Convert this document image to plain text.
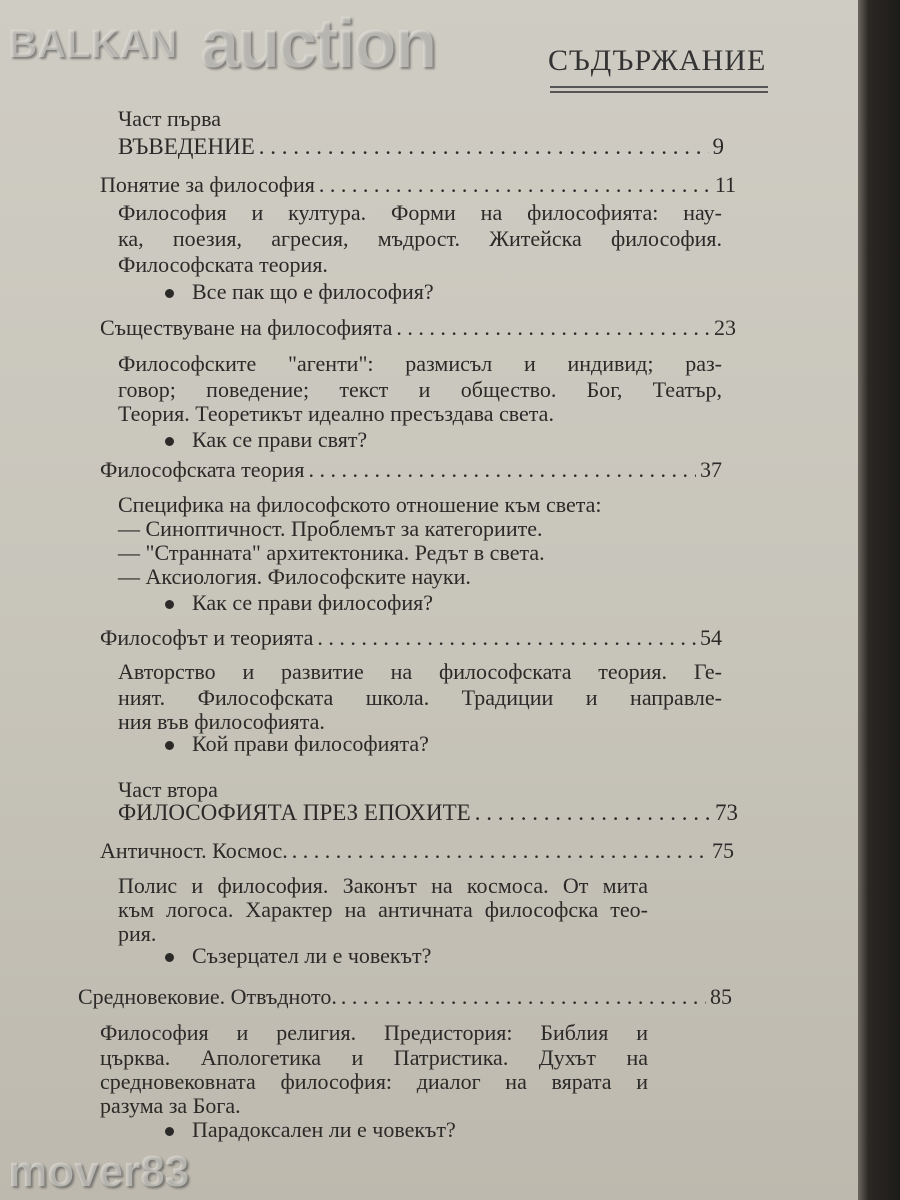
СЪДЪРЖАНИЕ
Част първа
ВЪВЕДЕНИЕ . . .	9
Понятие за философия . . .	11
Философия и култура. Форми на философията: нау-
ка, поезия, агресия, мъдрост. Житейска философия.
Философската теория.
Все пак що е философия?
Съществуване на философията . . .	23
Философските "агенти": размисъл и индивид; раз-
говор; поведение; текст и общество. Бог, Театър,
Теория. Теоретикът идеално пресъздава света.
Как се прави свят?
Философската теория . . .	37
Специфика на философското отношение към света:
— Синоптичност. Проблемът за категориите.
— "Странната" архитектоника. Редът в света.
— Аксиология. Философските науки.
Как се прави философия?
Философът и теорията . . .	54
Авторство и развитие на философската теория. Ге-
ният. Философската школа. Традиции и направле-
ния във философията.
Кой прави философията?
Част втора
ФИЛОСОФИЯТА ПРЕЗ ЕПОХИТЕ . . .	73
Античност. Космос. . . .	75
Полис и философия. Законът на космоса. От мита
към логоса. Характер на античната философска тео-
рия.
Съзерцател ли е човекът?
Средновековие. Отвъдното. . . .	85
Философия и религия. Предистория: Библия и
църква. Апологетика и Патристика. Духът на
средновековната философия: диалог на вярата и
разума за Бога.
Парадоксален ли е човекът?
BALKAN auction
mover83
